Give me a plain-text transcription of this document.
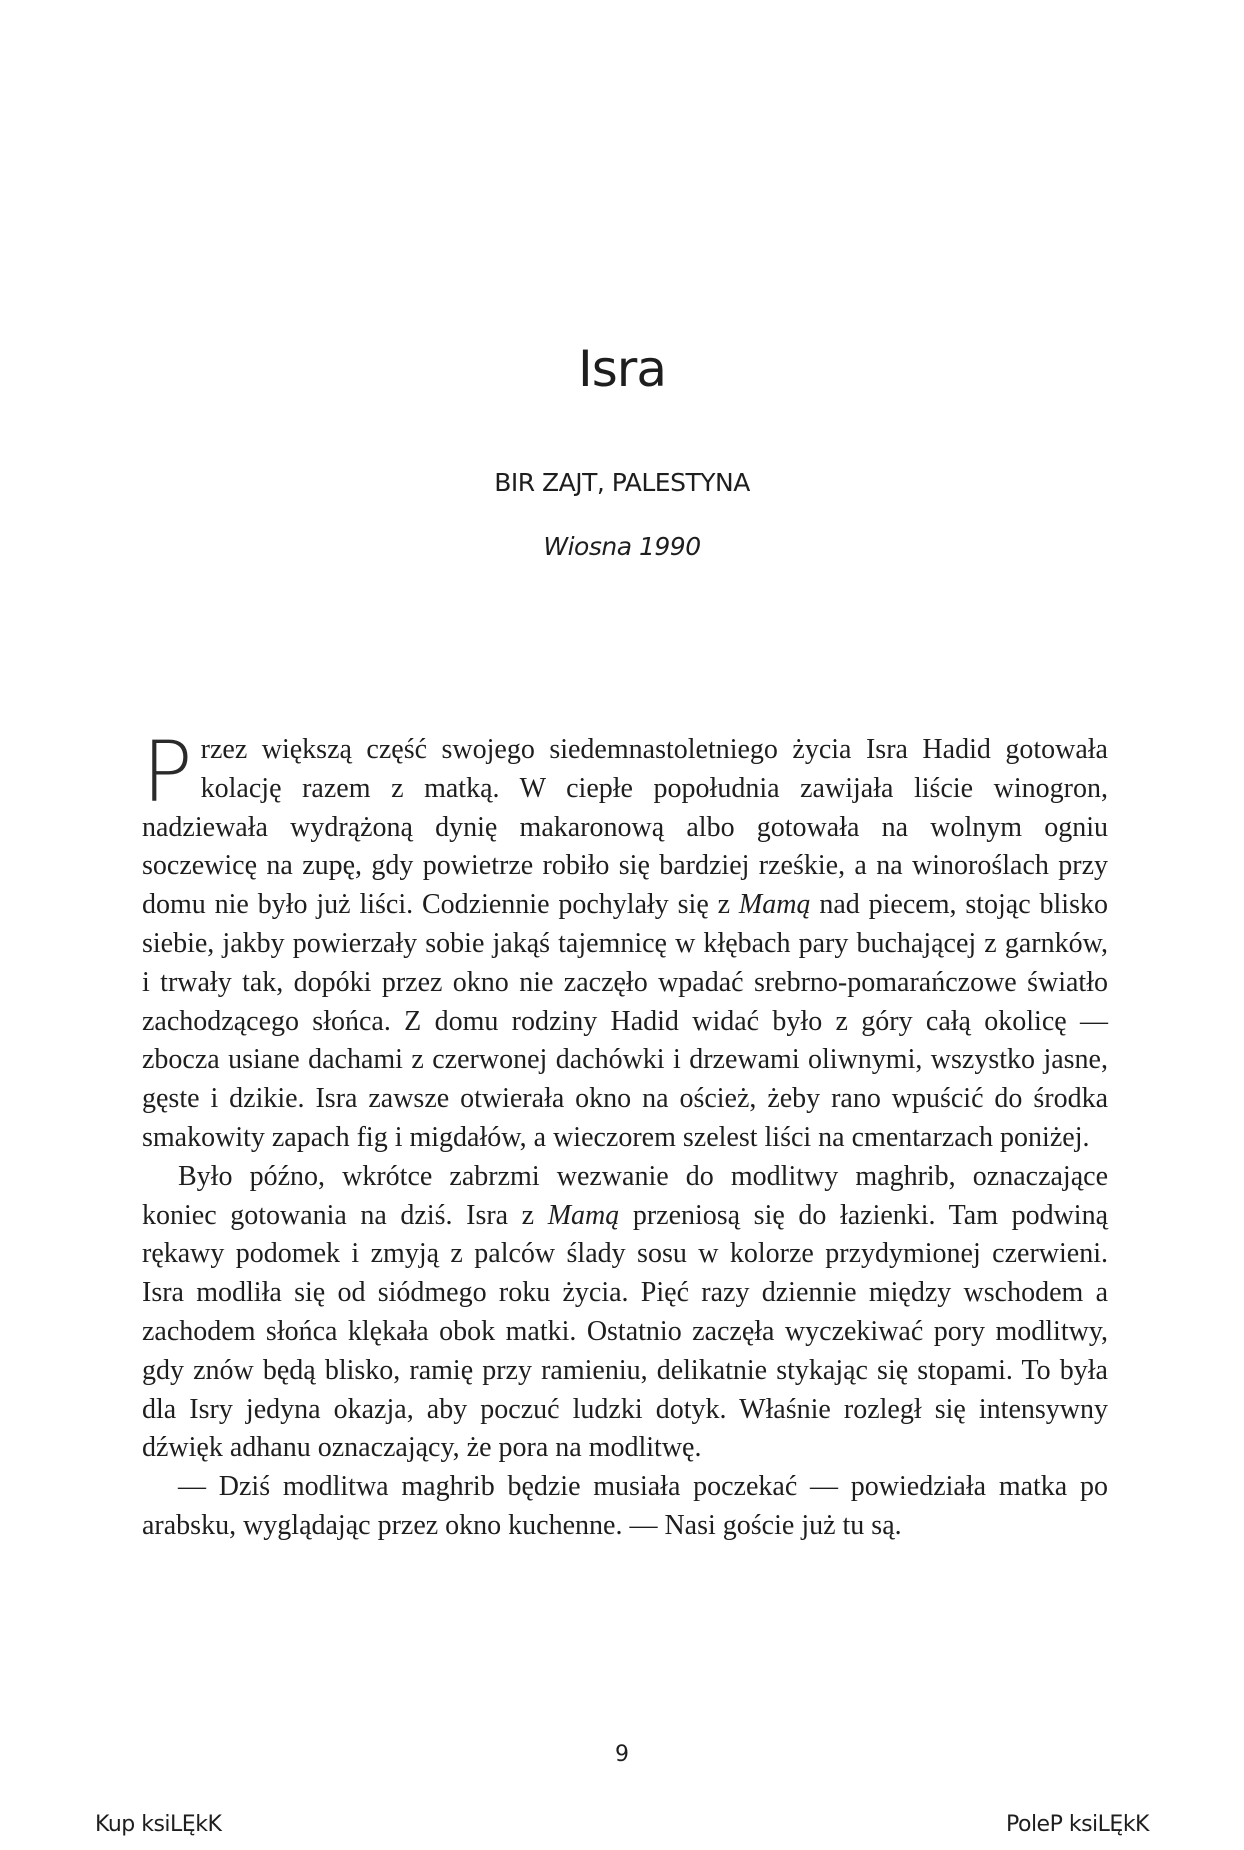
Isra
BIR ZAJT, PALESTYNA
Wiosna 1990

Przez większą część swojego siedemnastoletniego życia Isra Hadid gotowała kolację razem z matką. W ciepłe popołudnia zawijała liście winogron, nadziewała wydrążoną dynię makaronową albo gotowała na wolnym ogniu soczewicę na zupę, gdy powietrze robiło się bardziej rześkie, a na winoroślach przy domu nie było już liści. Codziennie pochylały się z Mamą nad piecem, stojąc blisko siebie, jakby powierzały sobie jakąś tajemnicę w kłębach pary buchającej z garnków, i trwały tak, dopóki przez okno nie zaczęło wpadać srebrno-pomarańczowe światło zachodzącego słońca. Z domu rodziny Hadid widać było z góry całą okolicę — zbocza usiane dachami z czerwonej dachówki i drzewami oliwnymi, wszystko jasne, gęste i dzikie. Isra zawsze otwierała okno na oścież, żeby rano wpuścić do środka smakowity zapach fig i migdałów, a wieczorem szelest liści na cmentarzach poniżej.

Było późno, wkrótce zabrzmi wezwanie do modlitwy maghrib, oznaczające koniec gotowania na dziś. Isra z Mamą przeniosą się do łazienki. Tam podwiną rękawy podomek i zmyją z palców ślady sosu w kolorze przydymionej czerwieni. Isra modliła się od siódmego roku życia. Pięć razy dziennie między wschodem a zachodem słońca klękała obok matki. Ostatnio zaczęła wyczekiwać pory modlitwy, gdy znów będą blisko, ramię przy ramieniu, delikatnie stykając się stopami. To była dla Isry jedyna okazja, aby poczuć ludzki dotyk. Właśnie rozległ się intensywny dźwięk adhanu oznaczający, że pora na modlitwę.

— Dziś modlitwa maghrib będzie musiała poczekać — powiedziała matka po arabsku, wyglądając przez okno kuchenne. — Nasi goście już tu są.

9
Kup ksiLĘkK	PoleP ksiLĘkK
